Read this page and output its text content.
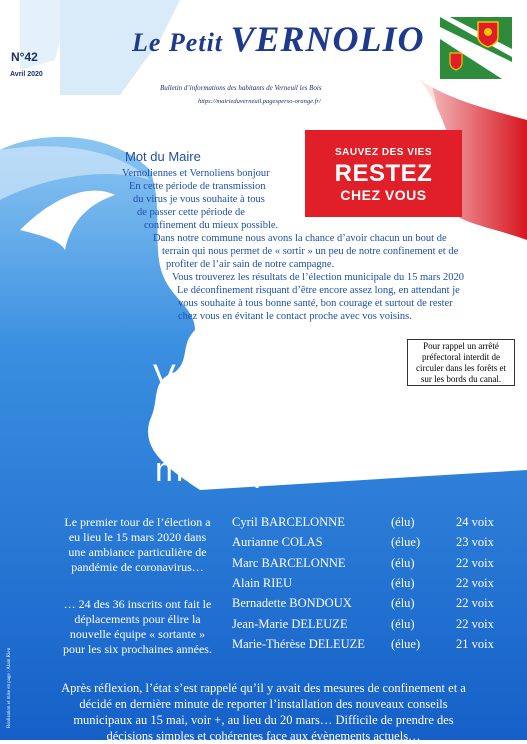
N°42
Avril 2020
Le Petit VERNOLIO
Bulletin d’informations des habitants de Verneuil les Bois
https://mairieduverneuil.pagesperso-orange.fr/
Mot du Maire
Vernoliennes et Vernoliens bonjour
En cette période de transmission
du virus je vous souhaite à tous
de passer cette période de
confinement du mieux possible.
Dans notre commune nous avons la chance d’avoir chacun un bout de
terrain qui nous permet de « sortir » un peu de notre confinement et de
profiter de l’air sain de notre campagne.
Vous trouverez les résultats de l’élection municipale du 15 mars 2020
Le déconfinement risquant d’être encore assez long, en attendant je
vous souhaite à tous bonne santé, bon courage et surtout de rester
chez vous en évitant le contact proche avec vos voisins.
SAUVEZ DES VIES
RESTEZ
CHEZ VOUS
Pour rappel un arrêté
préfectoral interdit de
circuler dans les forêts et
sur les bords du canal.
Verneuil…
Résultat de l’élection
municipale
Le premier tour de l’élection a
eu lieu le 15 mars 2020 dans
une ambiance particulière de
pandémie de coronavirus…
… 24 des 36 inscrits ont fait le
déplacements pour élire la
nouvelle équipe « sortante »
pour les six prochaines années.
Cyril BARCELONNE	(élu)	24 voix
Aurianne COLAS	(élue)	23 voix
Marc BARCELONNE	(élu)	22 voix
Alain RIEU	(élu)	22 voix
Bernadette BONDOUX	(élu)	22 voix
Jean-Marie DELEUZE	(élu)	22 voix
Marie-Thérèse DELEUZE (élue)	21 voix
Après réflexion, l’état s’est rappelé qu’il y avait des mesures de confinement et a
décidé en dernière minute de reporter l’installation des nouveaux conseils
municipaux au 15 mai, voir +, au lieu du 20 mars… Difficile de prendre des
décisions simples et cohérentes face aux évènements actuels…
Réalisation et mise en page : Alain Rieu
